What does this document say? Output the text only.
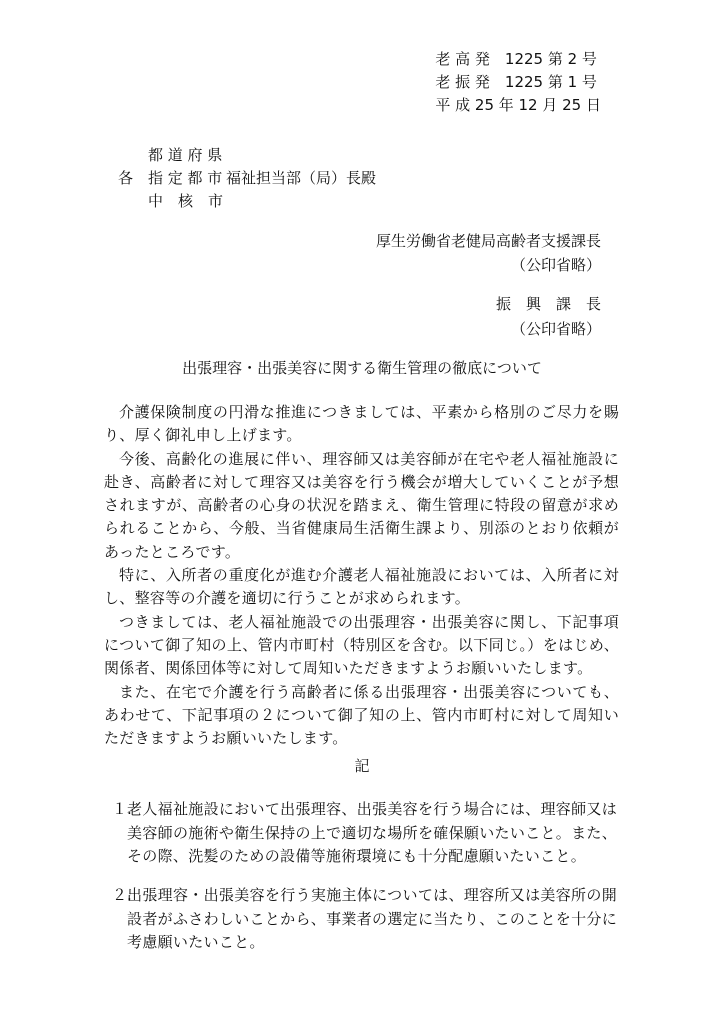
老 高 発　1225 第 2 号
老 振 発　1225 第 1 号
平 成 25 年 12 月 25 日
都 道 府 県
各 指 定 都 市 福祉担当部（局）長殿
中　核　市
厚生労働省老健局高齢者支援課長
（公印省略）
振　興　課　長
（公印省略）
出張理容・出張美容に関する衛生管理の徹底について

介護保険制度の円滑な推進につきましては、平素から格別のご尽力を賜り、厚く御礼申し上げます。

今後、高齢化の進展に伴い、理容師又は美容師が在宅や老人福祉施設に赴き、高齢者に対して理容又は美容を行う機会が増大していくことが予想されますが、高齢者の心身の状況を踏まえ、衛生管理に特段の留意が求められることから、今般、当省健康局生活衛生課より、別添のとおり依頼があったところです。

特に、入所者の重度化が進む介護老人福祉施設においては、入所者に対し、整容等の介護を適切に行うことが求められます。

つきましては、老人福祉施設での出張理容・出張美容に関し、下記事項について御了知の上、管内市町村（特別区を含む。以下同じ。）をはじめ、関係者、関係団体等に対して周知いただきますようお願いいたします。

また、在宅で介護を行う高齢者に係る出張理容・出張美容についても、あわせて、下記事項の２について御了知の上、管内市町村に対して周知いただきますようお願いいたします。

記
１.
老人福祉施設において出張理容、出張美容を行う場合には、理容師又は美容師の施術や衛生保持の上で適切な場所を確保願いたいこと。また、その際、洗髪のための設備等施術環境にも十分配慮願いたいこと。
２.
出張理容・出張美容を行う実施主体については、理容所又は美容所の開設者がふさわしいことから、事業者の選定に当たり、このことを十分に考慮願いたいこと。
